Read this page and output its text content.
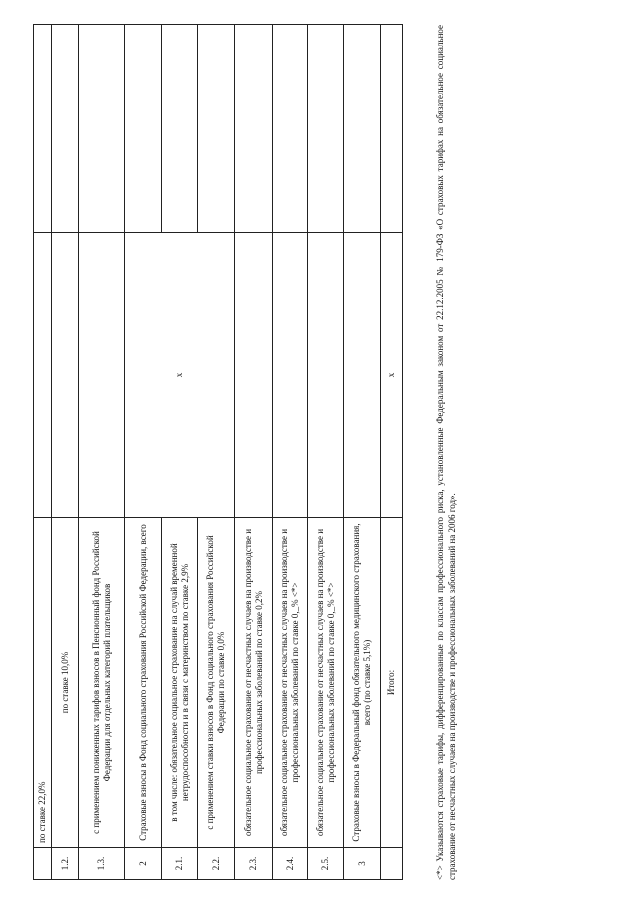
	по ставке 22,0%		
1.2.	по ставке 10,0%		
1.3.	с применением пониженных тарифов взносов в Пенсионный фонд Российской Федерации для отдельных категорий плательщиков		
2	Страховые взносы в Фонд социального страхования Российской Федерации, всего	x	
2.1.	в том числе: обязательное социальное страхование на случай временной нетрудоспособности и в связи с материнством по ставке 2,9%		
2.2.	с применением ставки взносов в Фонд социального страхования Российской Федерации по ставке 0,0%		
2.3.	обязательное социальное страхование от несчастных случаев на производстве и профессиональных заболеваний по ставке 0,2%		
2.4.	обязательное социальное страхование от несчастных случаев на производстве и профессиональных заболеваний по ставке 0,_% <*>		
2.5.	обязательное социальное страхование от несчастных случаев на производстве и профессиональных заболеваний по ставке 0,_% <*>		
3	Страховые взносы в Федеральный фонд обязательного медицинского страхования, всего (по ставке 5,1%)		
	Итого:	x		<*> Указываются страховые тарифы, дифференцированные по классам профессионального риска, установленные Федеральным законом от 22.12.2005 № 179-ФЗ «О страховых тарифах на обязательное социальное страхование от несчастных случаев на производстве и профессиональных заболеваний на 2006 год».
